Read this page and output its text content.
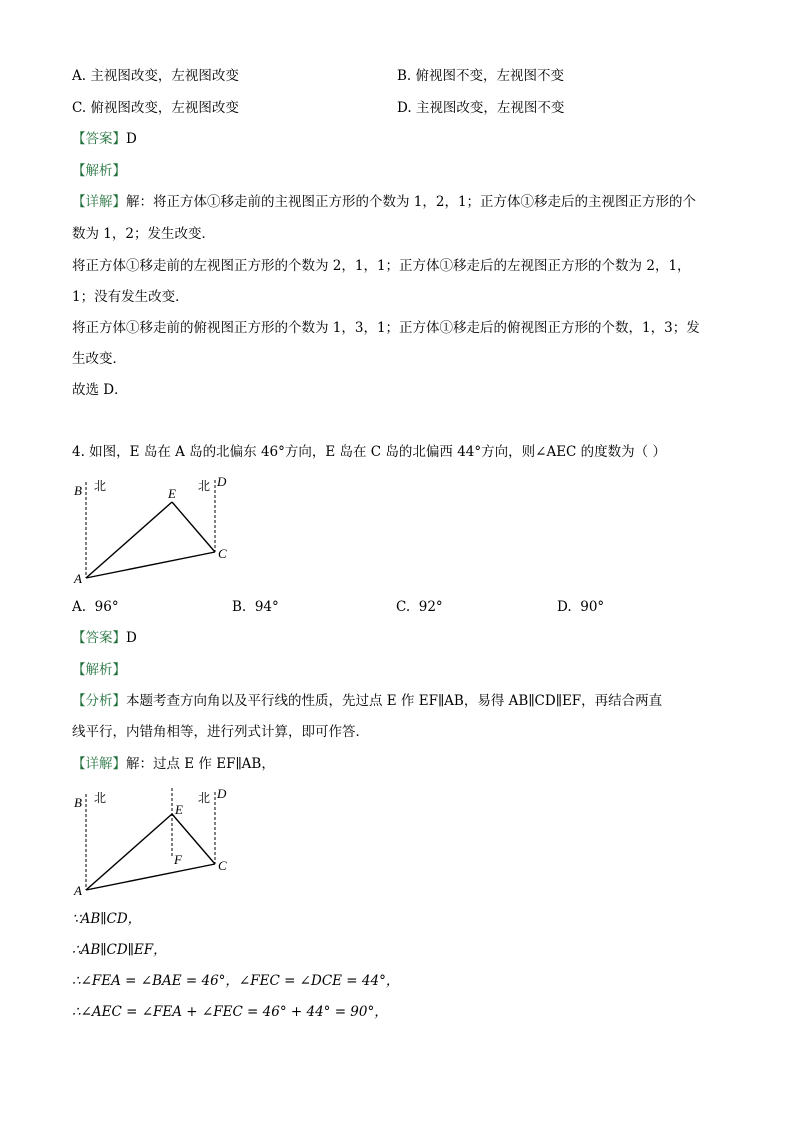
A. 主视图改变，左视图改变	B. 俯视图不变，左视图不变
C. 俯视图改变，左视图改变	D. 主视图改变，左视图不变
【答案】D
【解析】
【详解】解：将正方体①移走前的主视图正方形的个数为 1，2，1；正方体①移走后的主视图正方形的个
数为 1，2；发生改变．
将正方体①移走前的左视图正方形的个数为 2，1，1；正方体①移走后的左视图正方形的个数为 2，1，
1；没有发生改变．
将正方体①移走前的俯视图正方形的个数为 1，3，1；正方体①移走后的俯视图正方形的个数，1，3；发
生改变．
故选 D．
4. 如图，E 岛在 A 岛的北偏东 46°方向，E 岛在 C 岛的北偏西 44°方向，则∠AEC 的度数为（ ）
B 北	E 北 D
A
C
A. 96°	B. 94°	C. 92°	D. 90°
【答案】D
【解析】
【分析】本题考查方向角以及平行线的性质，先过点 E 作 EF∥AB，易得 AB∥CD∥EF，再结合两直
线平行，内错角相等，进行列式计算，即可作答．
【详解】解：过点 E 作 EF∥AB，
B 北
E
F
北 D
A
C
∵AB∥CD，
∴AB∥CD∥EF，
∴∠FEA = ∠BAE = 46°，∠FEC = ∠DCE = 44°，
∴∠AEC = ∠FEA + ∠FEC = 46° + 44° = 90°，
